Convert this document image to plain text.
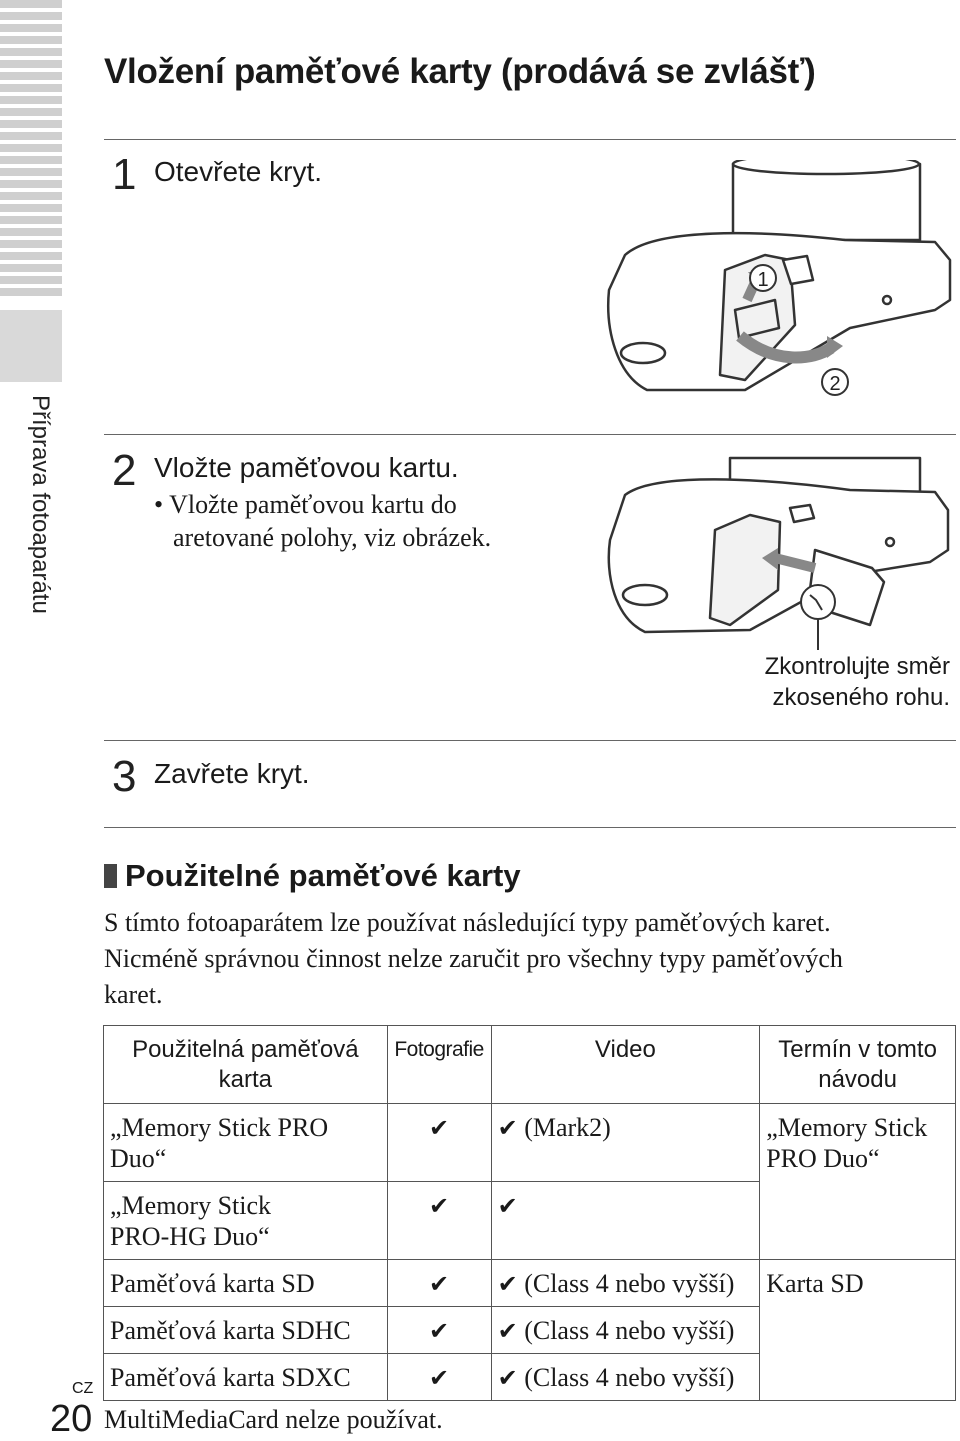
Příprava fotoaparátu
Vložení paměťové karty (prodává se zvlášť)
1 Otevřete kryt.
1
2
2 Vložte paměťovou kartu.
• Vložte paměťovou kartu do
aretované polohy, viz obrázek.
Zkontrolujte směr
zkoseného rohu.
3 Zavřete kryt.
Použitelné paměťové karty
S tímto fotoaparátem lze používat následující typy paměťových karet.
Nicméně správnou činnost nelze zaručit pro všechny typy paměťových
karet.
Použitelná paměťová
karta	Fotografie	Video	Termín v tomto
návodu
„Memory Stick PRO
Duo“	✔	✔ (Mark2)	„Memory Stick
PRO Duo“
„Memory Stick
PRO-HG Duo“	✔	✔	
Paměťová karta SD	✔	✔ (Class 4 nebo vyšší)	Karta SD
Paměťová karta SDHC	✔	✔ (Class 4 nebo vyšší)	
Paměťová karta SDXC	✔	✔ (Class 4 nebo vyšší)	
MultiMediaCard nelze používat.
CZ
20
